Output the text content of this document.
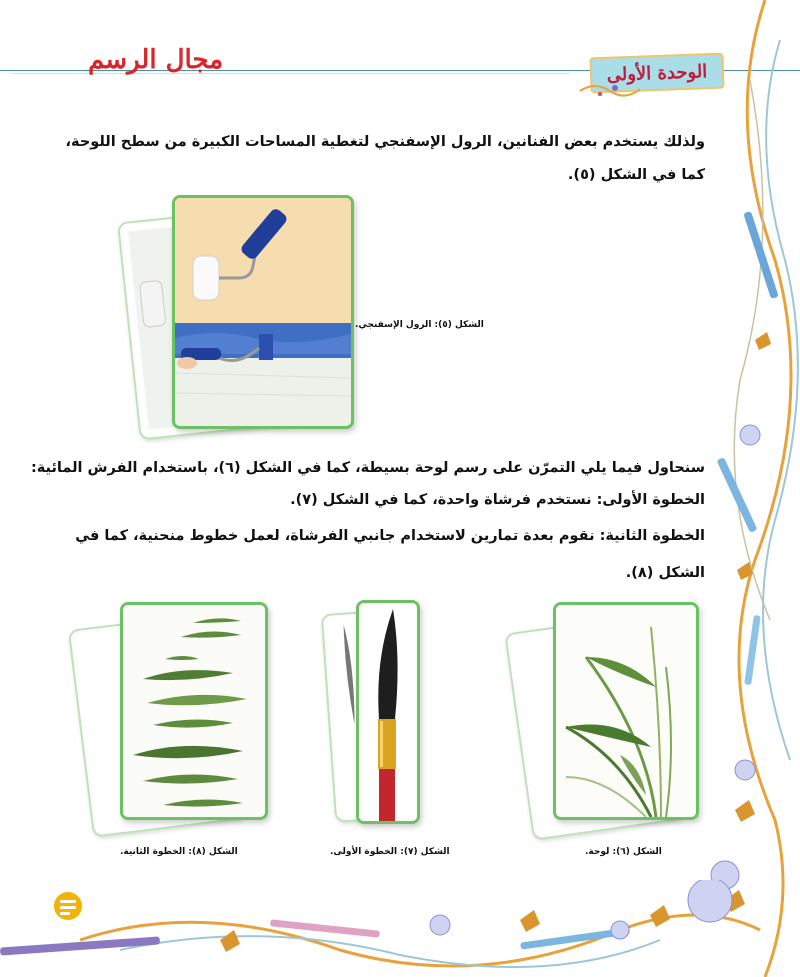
مجال الرسم	الوحدة الأولى
ولذلك يستخدم بعض الفنانين، الرول الإسفنجي لتغطية المساحات الكبيرة من سطح اللوحة،
كما في الشكل (٥).
الشكل (٥): الرول الإسفنجي.
سنحاول فيما يلي التمرّن على رسم لوحة بسيطة، كما في الشكل (٦)، باستخدام الفرش المائية:
الخطوة الأولى: نستخدم فرشاة واحدة، كما في الشكل (٧).
الخطوة الثانية: نقوم بعدة تمارين لاستخدام جانبي الفرشاة، لعمل خطوط منحنية، كما في
الشكل (٨).
الشكل (٨): الخطوة الثانية.	الشكل (٧): الخطوة الأولى.	الشكل (٦): لوحة.
